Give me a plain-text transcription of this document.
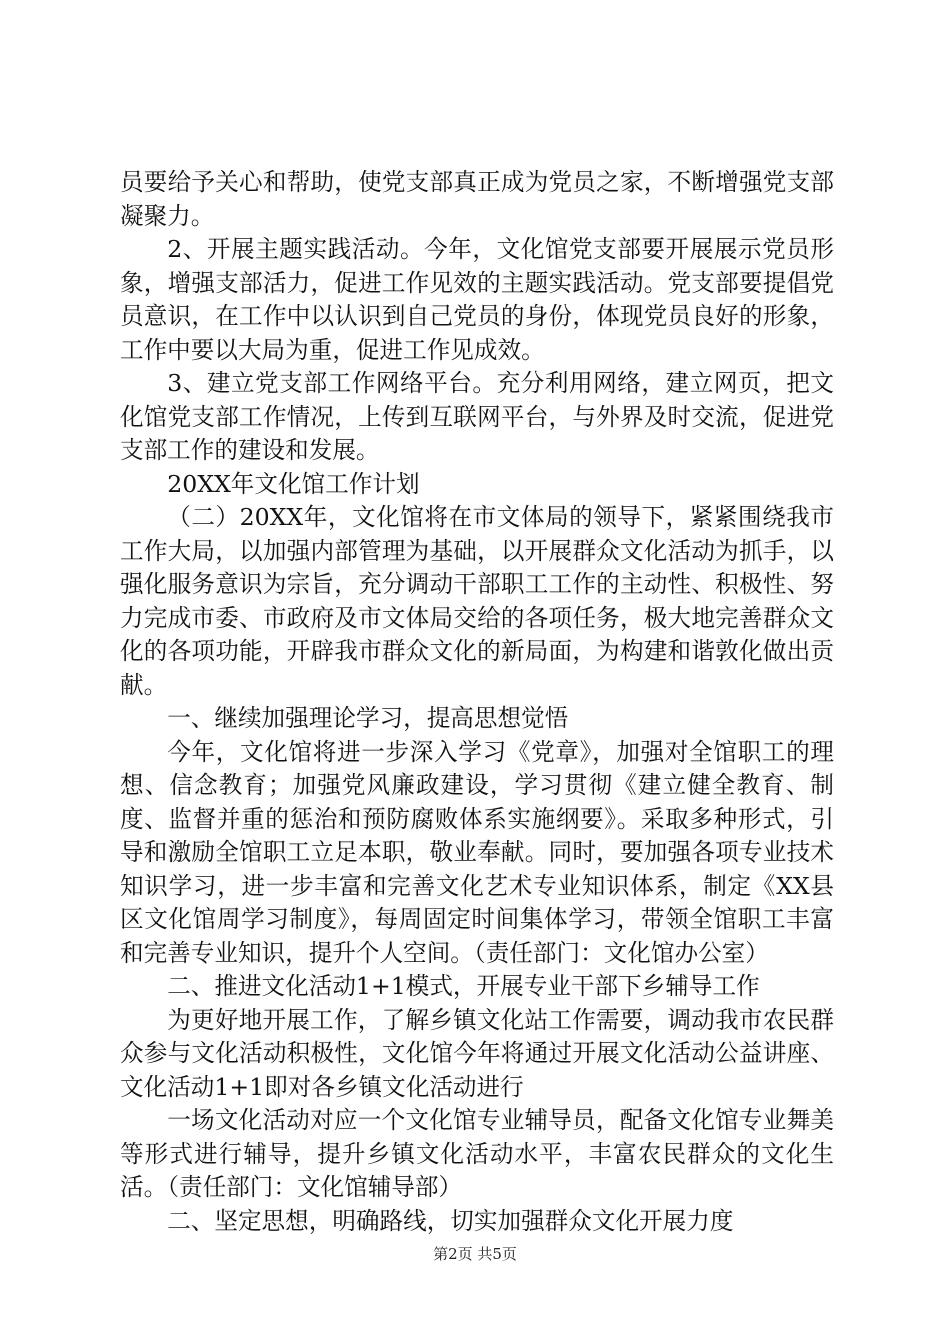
员要给予关心和帮助，使党支部真正成为党员之家，不断增强党支部凝聚力。

2、开展主题实践活动。今年，文化馆党支部要开展展示党员形象，增强支部活力，促进工作见效的主题实践活动。党支部要提倡党员意识，在工作中以认识到自己党员的身份，体现党员良好的形象，工作中要以大局为重，促进工作见成效。

3、建立党支部工作网络平台。充分利用网络，建立网页，把文化馆党支部工作情况，上传到互联网平台，与外界及时交流，促进党支部工作的建设和发展。

20XX年文化馆工作计划

（二）20XX年，文化馆将在市文体局的领导下，紧紧围绕我市工作大局，以加强内部管理为基础，以开展群众文化活动为抓手，以强化服务意识为宗旨，充分调动干部职工工作的主动性、积极性、努力完成市委、市政府及市文体局交给的各项任务，极大地完善群众文化的各项功能，开辟我市群众文化的新局面，为构建和谐敦化做出贡献。

一、继续加强理论学习，提高思想觉悟

今年，文化馆将进一步深入学习《党章》，加强对全馆职工的理想、信念教育；加强党风廉政建设，学习贯彻《建立健全教育、制度、监督并重的惩治和预防腐败体系实施纲要》。采取多种形式，引导和激励全馆职工立足本职，敬业奉献。同时，要加强各项专业技术知识学习，进一步丰富和完善文化艺术专业知识体系，制定《XX县区文化馆周学习制度》，每周固定时间集体学习，带领全馆职工丰富和完善专业知识，提升个人空间。（责任部门：文化馆办公室）

二、推进文化活动1+1模式，开展专业干部下乡辅导工作

为更好地开展工作，了解乡镇文化站工作需要，调动我市农民群众参与文化活动积极性，文化馆今年将通过开展文化活动公益讲座、文化活动1+1即对各乡镇文化活动进行

一场文化活动对应一个文化馆专业辅导员，配备文化馆专业舞美等形式进行辅导，提升乡镇文化活动水平，丰富农民群众的文化生活。（责任部门：文化馆辅导部）

二、坚定思想，明确路线，切实加强群众文化开展力度

第2页 共5页
